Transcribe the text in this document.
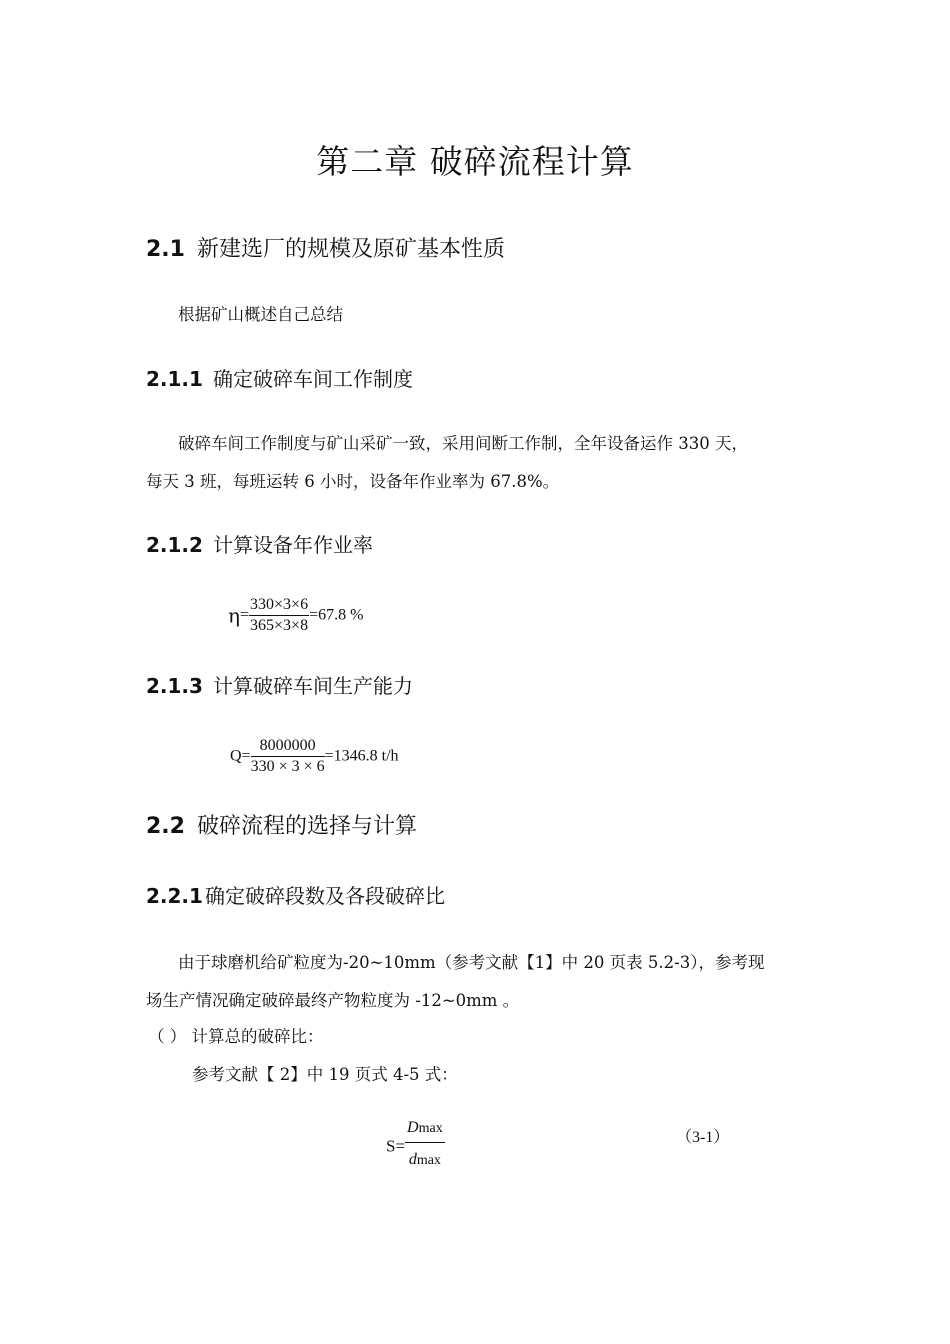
第二章 破碎流程计算
2.1 新建选厂的规模及原矿基本性质
根据矿山概述自己总结
2.1.1 确定破碎车间工作制度
破碎车间工作制度与矿山采矿一致，采用间断工作制，全年设备运作 330 天，
每天 3 班，每班运转 6 小时，设备年作业率为 67.8%。
2.1.2 计算设备年作业率
$\eta= \frac{330\times 3\times 6}{365\times 3\times 8} =67.8$ %
2.1.3 计算破碎车间生产能力
$Q= \frac{8000000}{330 \times 3 \times 6} =1346.8$ t/h
2.2 破碎流程的选择与计算
2.2.1 确定破碎段数及各段破碎比
由于球磨机给矿粒度为-20~10mm（参考文献【1】中 20 页表 5.2-3），参考现
场生产情况确定破碎最终产物粒度为 -12~0mm 。
（ ） 计算总的破碎比：
参考文献【 2】中 19 页式 4-5 式：
$S= \frac{Dmax}{dmax}$	（3-1）
